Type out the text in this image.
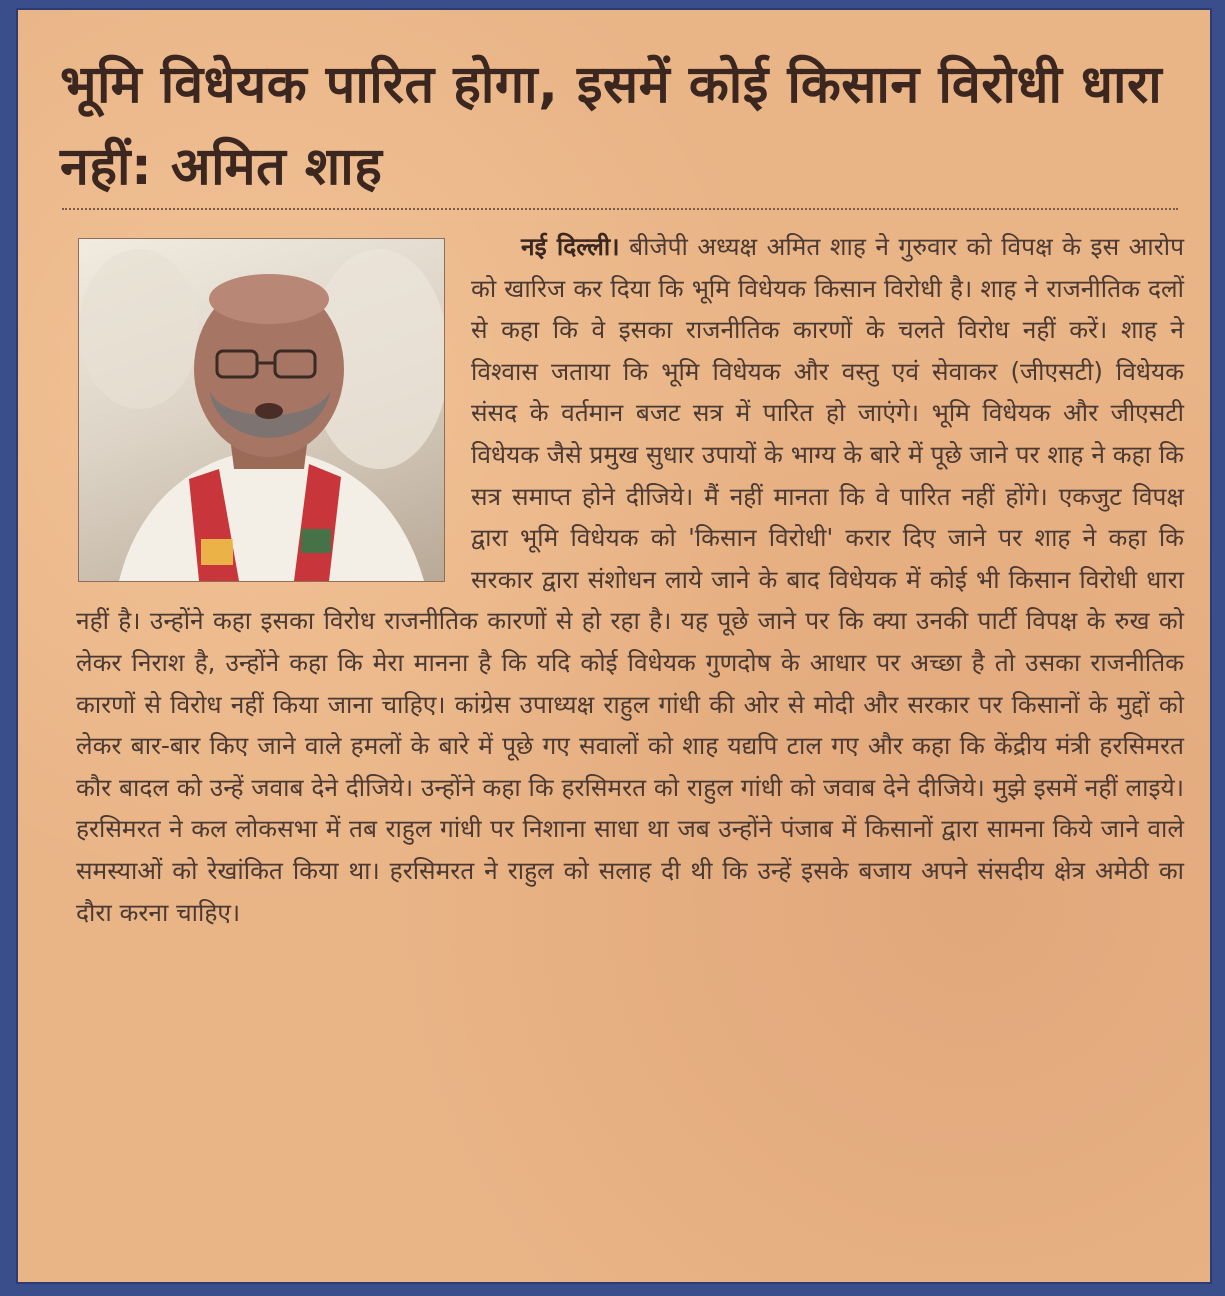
भूमि विधेयक पारित होगा, इसमें कोई किसान विरोधी धारा नहीं: अमित शाह

नई दिल्ली। बीजेपी अध्यक्ष अमित शाह ने गुरुवार को विपक्ष के इस आरोप को खारिज कर दिया कि भूमि विधेयक किसान विरोधी है। शाह ने राजनीतिक दलों से कहा कि वे इसका राजनीतिक कारणों के चलते विरोध नहीं करें। शाह ने विश्वास जताया कि भूमि विधेयक और वस्तु एवं सेवाकर (जीएसटी) विधेयक संसद के वर्तमान बजट सत्र में पारित हो जाएंगे। भूमि विधेयक और जीएसटी विधेयक जैसे प्रमुख सुधार उपायों के भाग्य के बारे में पूछे जाने पर शाह ने कहा कि सत्र समाप्त होने दीजिये। मैं नहीं मानता कि वे पारित नहीं होंगे। एकजुट विपक्ष द्वारा भूमि विधेयक को 'किसान विरोधी' करार दिए जाने पर शाह ने कहा कि सरकार द्वारा संशोधन लाये जाने के बाद विधेयक में कोई भी किसान विरोधी धारा नहीं है। उन्होंने कहा इसका विरोध राजनीतिक कारणों से हो रहा है। यह पूछे जाने पर कि क्या उनकी पार्टी विपक्ष के रुख को लेकर निराश है, उन्होंने कहा कि मेरा मानना है कि यदि कोई विधेयक गुणदोष के आधार पर अच्छा है तो उसका राजनीतिक कारणों से विरोध नहीं किया जाना चाहिए। कांग्रेस उपाध्यक्ष राहुल गांधी की ओर से मोदी और सरकार पर किसानों के मुद्दों को लेकर बार-बार किए जाने वाले हमलों के बारे में पूछे गए सवालों को शाह यद्यपि टाल गए और कहा कि केंद्रीय मंत्री हरसिमरत कौर बादल को उन्हें जवाब देने दीजिये। उन्होंने कहा कि हरसिमरत को राहुल गांधी को जवाब देने दीजिये। मुझे इसमें नहीं लाइये। हरसिमरत ने कल लोकसभा में तब राहुल गांधी पर निशाना साधा था जब उन्होंने पंजाब में किसानों द्वारा सामना किये जाने वाले समस्याओं को रेखांकित किया था। हरसिमरत ने राहुल को सलाह दी थी कि उन्हें इसके बजाय अपने संसदीय क्षेत्र अमेठी का दौरा करना चाहिए।
